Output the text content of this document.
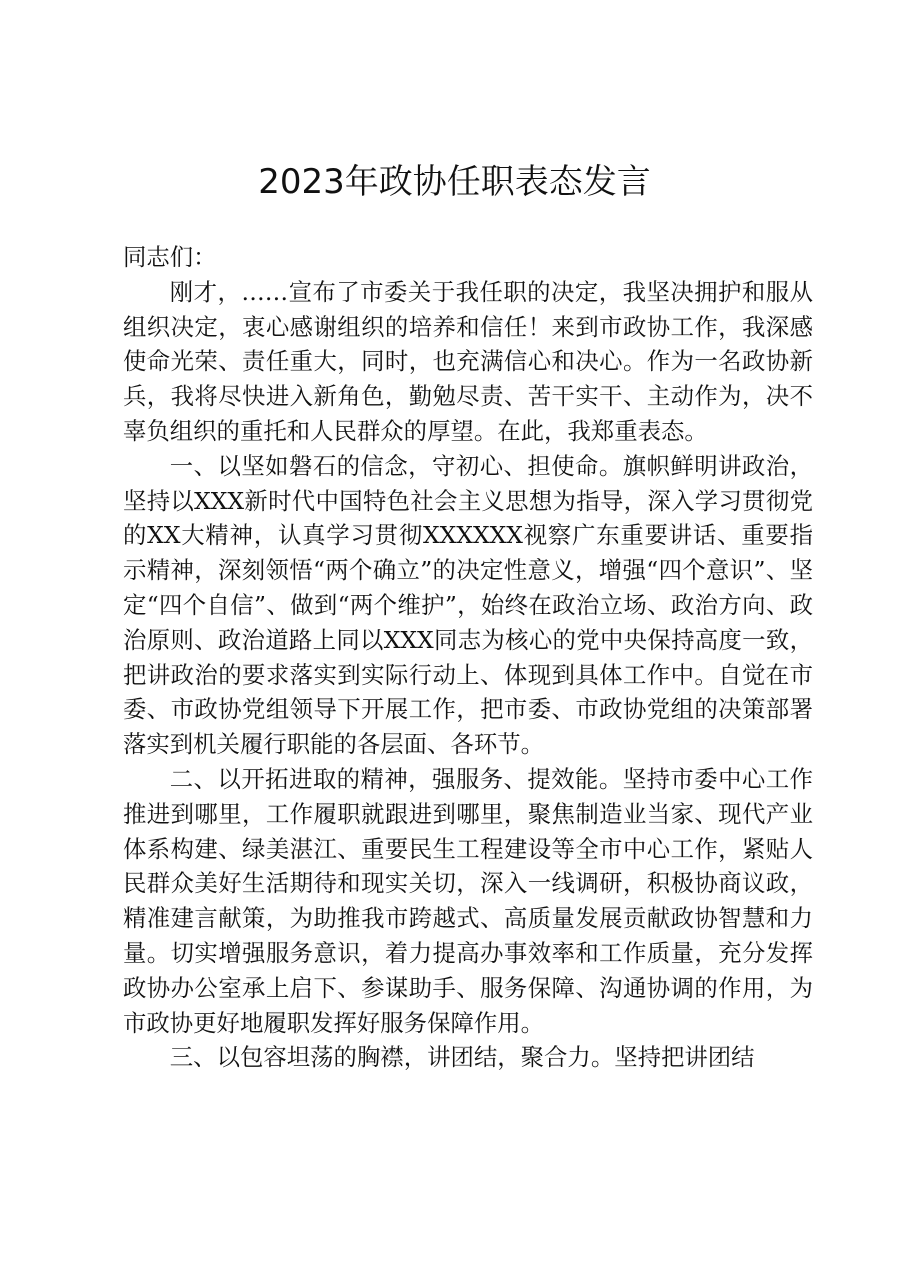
2023年政协任职表态发言

同志们：

刚才，……宣布了市委关于我任职的决定，我坚决拥护和服从组织决定，衷心感谢组织的培养和信任！来到市政协工作，我深感使命光荣、责任重大，同时，也充满信心和决心。作为一名政协新兵，我将尽快进入新角色，勤勉尽责、苦干实干、主动作为，决不辜负组织的重托和人民群众的厚望。在此，我郑重表态。

一、以坚如磐石的信念，守初心、担使命。旗帜鲜明讲政治，坚持以XXX新时代中国特色社会主义思想为指导，深入学习贯彻党的XX大精神，认真学习贯彻XXXXXX视察广东重要讲话、重要指示精神，深刻领悟“两个确立”的决定性意义，增强“四个意识”、坚定“四个自信”、做到“两个维护”，始终在政治立场、政治方向、政治原则、政治道路上同以XXX同志为核心的党中央保持高度一致，把讲政治的要求落实到实际行动上、体现到具体工作中。自觉在市委、市政协党组领导下开展工作，把市委、市政协党组的决策部署落实到机关履行职能的各层面、各环节。

二、以开拓进取的精神，强服务、提效能。坚持市委中心工作推进到哪里，工作履职就跟进到哪里，聚焦制造业当家、现代产业体系构建、绿美湛江、重要民生工程建设等全市中心工作，紧贴人民群众美好生活期待和现实关切，深入一线调研，积极协商议政，精准建言献策，为助推我市跨越式、高质量发展贡献政协智慧和力量。切实增强服务意识，着力提高办事效率和工作质量，充分发挥政协办公室承上启下、参谋助手、服务保障、沟通协调的作用，为市政协更好地履职发挥好服务保障作用。

三、以包容坦荡的胸襟，讲团结，聚合力。坚持把讲团结
